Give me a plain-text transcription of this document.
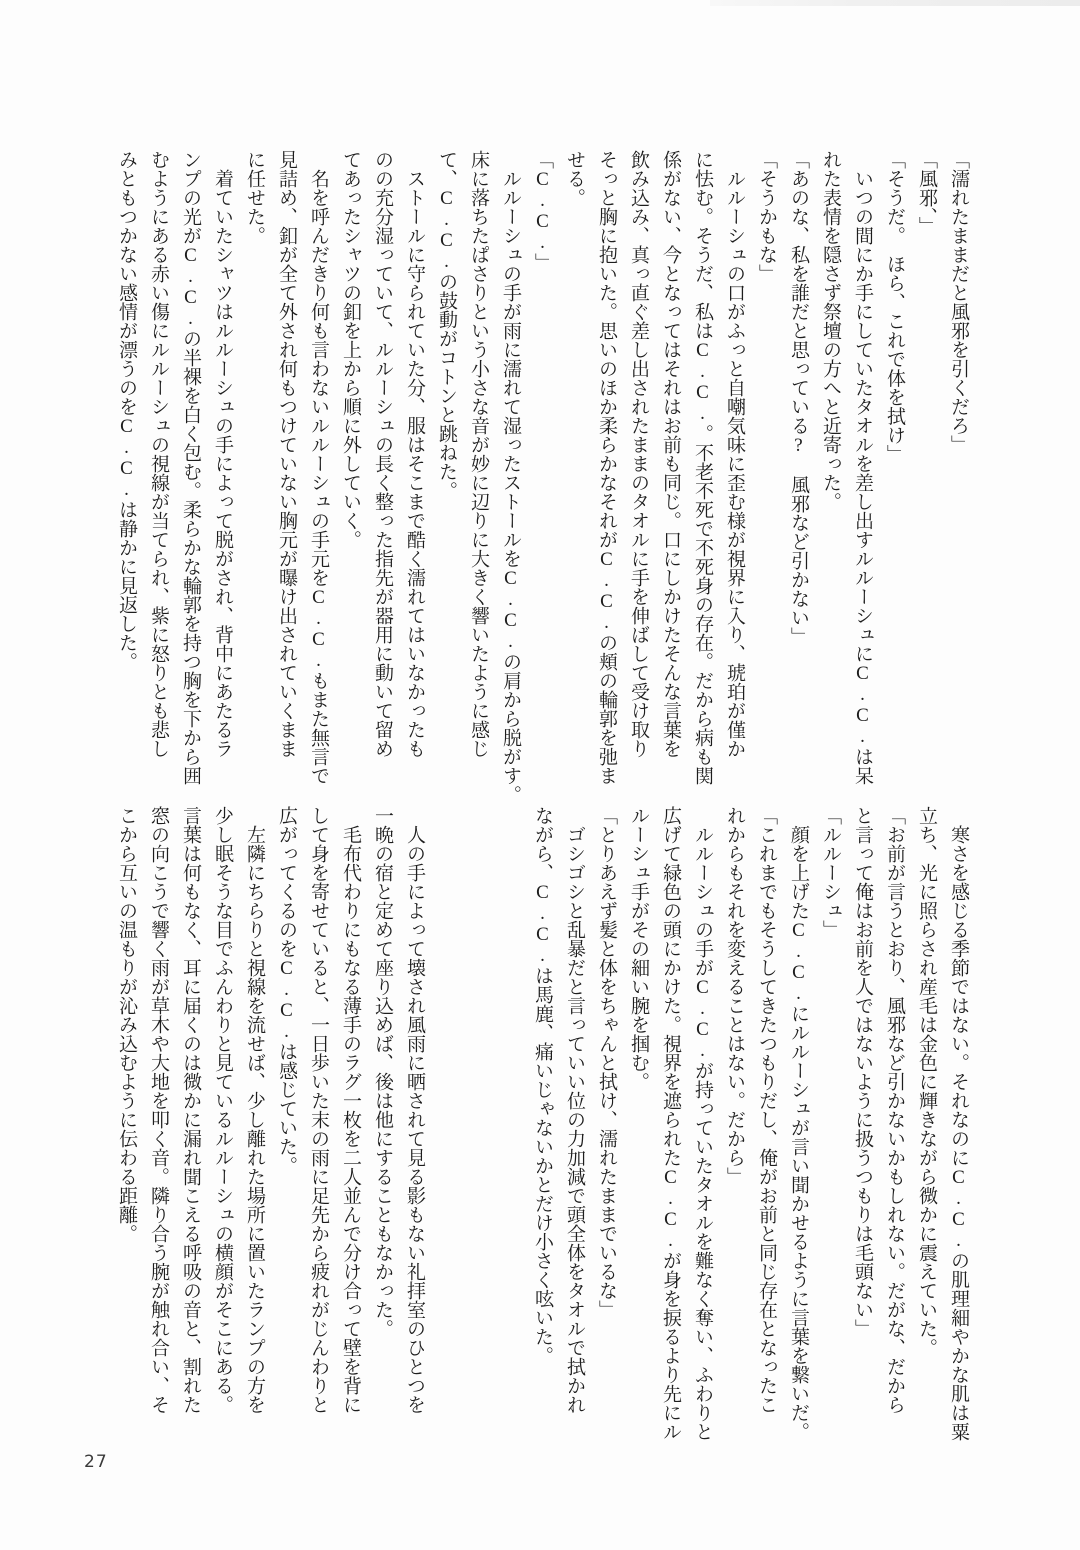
「濡れたままだと風邪を引くだろ」

「風邪、」

「そうだ。　ほら、これで体を拭け」

　いつの間にか手にしていたタオルを差し出すルルーシュにC.C.は呆

れた表情を隠さず祭壇の方へと近寄った。

「あのな、私を誰だと思っている?　風邪など引かない」

「そうかもな」

　ルルーシュの口がふっと自嘲気味に歪む様が視界に入り、琥珀が僅か

に怯む。そうだ、私はC.C.。不老不死で不死身の存在。だから病も関

係がない、今となってはそれはお前も同じ。口にしかけたそんな言葉を

飲み込み、真っ直ぐ差し出されたままのタオルに手を伸ばして受け取り

そっと胸に抱いた。思いのほか柔らかなそれがC.C.の頬の輪郭を弛ま

せる。

「C.C.」

　ルルーシュの手が雨に濡れて湿ったストールをC.C.の肩から脱がす。

床に落ちたぱさりという小さな音が妙に辺りに大きく響いたように感じ

て、C.C.の鼓動がコトンと跳ねた。

　ストールに守られていた分、服はそこまで酷く濡れてはいなかったも

のの充分湿っていて、ルルーシュの長く整った指先が器用に動いて留め

てあったシャツの釦を上から順に外していく。

　名を呼んだきり何も言わないルルーシュの手元をC.C.もまた無言で

見詰め、釦が全て外され何もつけていない胸元が曝け出されていくまま

に任せた。

　着ていたシャツはルルーシュの手によって脱がされ、背中にあたるラ

ンプの光がC.C.の半裸を白く包む。柔らかな輪郭を持つ胸を下から囲

むようにある赤い傷にルルーシュの視線が当てられ、紫に怒りとも悲し

みともつかない感情が漂うのをC.C.は静かに見返した。

　寒さを感じる季節ではない。それなのにC.C.の肌理細やかな肌は粟

立ち、光に照らされ産毛は金色に輝きながら微かに震えていた。

「お前が言うとおり、風邪など引かないかもしれない。だがな、だから

と言って俺はお前を人ではないように扱うつもりは毛頭ない」

「ルルーシュ」

　顔を上げたC.C.にルルーシュが言い聞かせるように言葉を繋いだ。

「これまでもそうしてきたつもりだし、俺がお前と同じ存在となったこ

れからもそれを変えることはない。だから」

　ルルーシュの手がC.C.が持っていたタオルを難なく奪い、ふわりと

広げて緑色の頭にかけた。視界を遮られたC.C.が身を捩るより先にル

ルーシュ手がその細い腕を掴む。

「とりあえず髪と体をちゃんと拭け、濡れたままでいるな」

　ゴシゴシと乱暴だと言っていい位の力加減で頭全体をタオルで拭かれ

ながら、C.C.は馬鹿、痛いじゃないかとだけ小さく呟いた。

　人の手によって壊され風雨に晒されて見る影もない礼拝室のひとつを

一晩の宿と定めて座り込めば、後は他にすることもなかった。

　毛布代わりにもなる薄手のラグ一枚を二人並んで分け合って壁を背に

して身を寄せていると、一日歩いた末の雨に足先から疲れがじんわりと

広がってくるのをC.C.は感じていた。

　左隣にちらりと視線を流せば、少し離れた場所に置いたランプの方を

少し眠そうな目でふんわりと見ているルルーシュの横顔がそこにある。

言葉は何もなく、耳に届くのは微かに漏れ聞こえる呼吸の音と、割れた

窓の向こうで響く雨が草木や大地を叩く音。隣り合う腕が触れ合い、そ

こから互いの温もりが沁み込むように伝わる距離。

27
